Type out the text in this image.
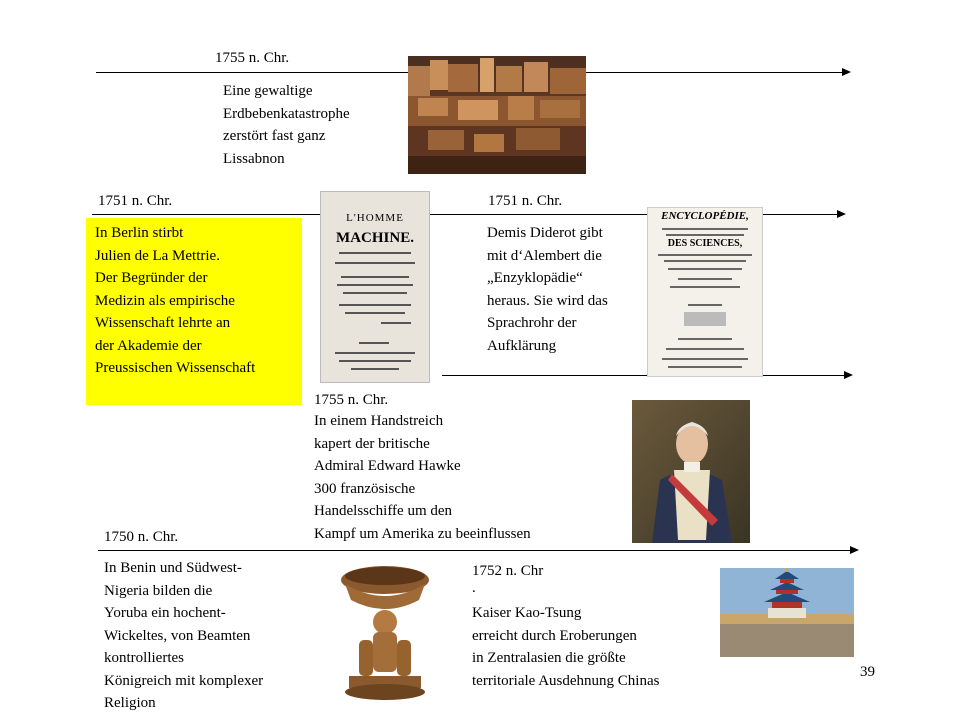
1755 n. Chr.
Eine gewaltige
Erdbebenkatastrophe
zerstört fast ganz
Lissabnon
1751 n. Chr.
In Berlin stirbt
Julien de La Mettrie.
Der Begründer der
Medizin als empirische
Wissenschaft lehrte an
der Akademie der
Preussischen Wissenschaft
L'HOMME
MACHINE.
1751 n. Chr.
Demis Diderot gibt
mit d‘Alembert die
„Enzyklopädie“
heraus. Sie wird das
Sprachrohr der
Aufklärung
ENCYCLOPÉDIE,
DES SCIENCES,
1755 n. Chr.
In einem Handstreich
kapert der britische
Admiral Edward Hawke
300 französische
Handelsschiffe um den
Kampf um Amerika zu beeinflussen
1750 n. Chr.
In Benin und Südwest-
Nigeria bilden die
Yoruba ein hochent-
Wickeltes, von Beamten
kontrolliertes
Königreich mit komplexer
Religion
1752 n. Chr
.
Kaiser Kao-Tsung
erreicht durch Eroberungen
in Zentralasien die größte
territoriale Ausdehnung Chinas
39
